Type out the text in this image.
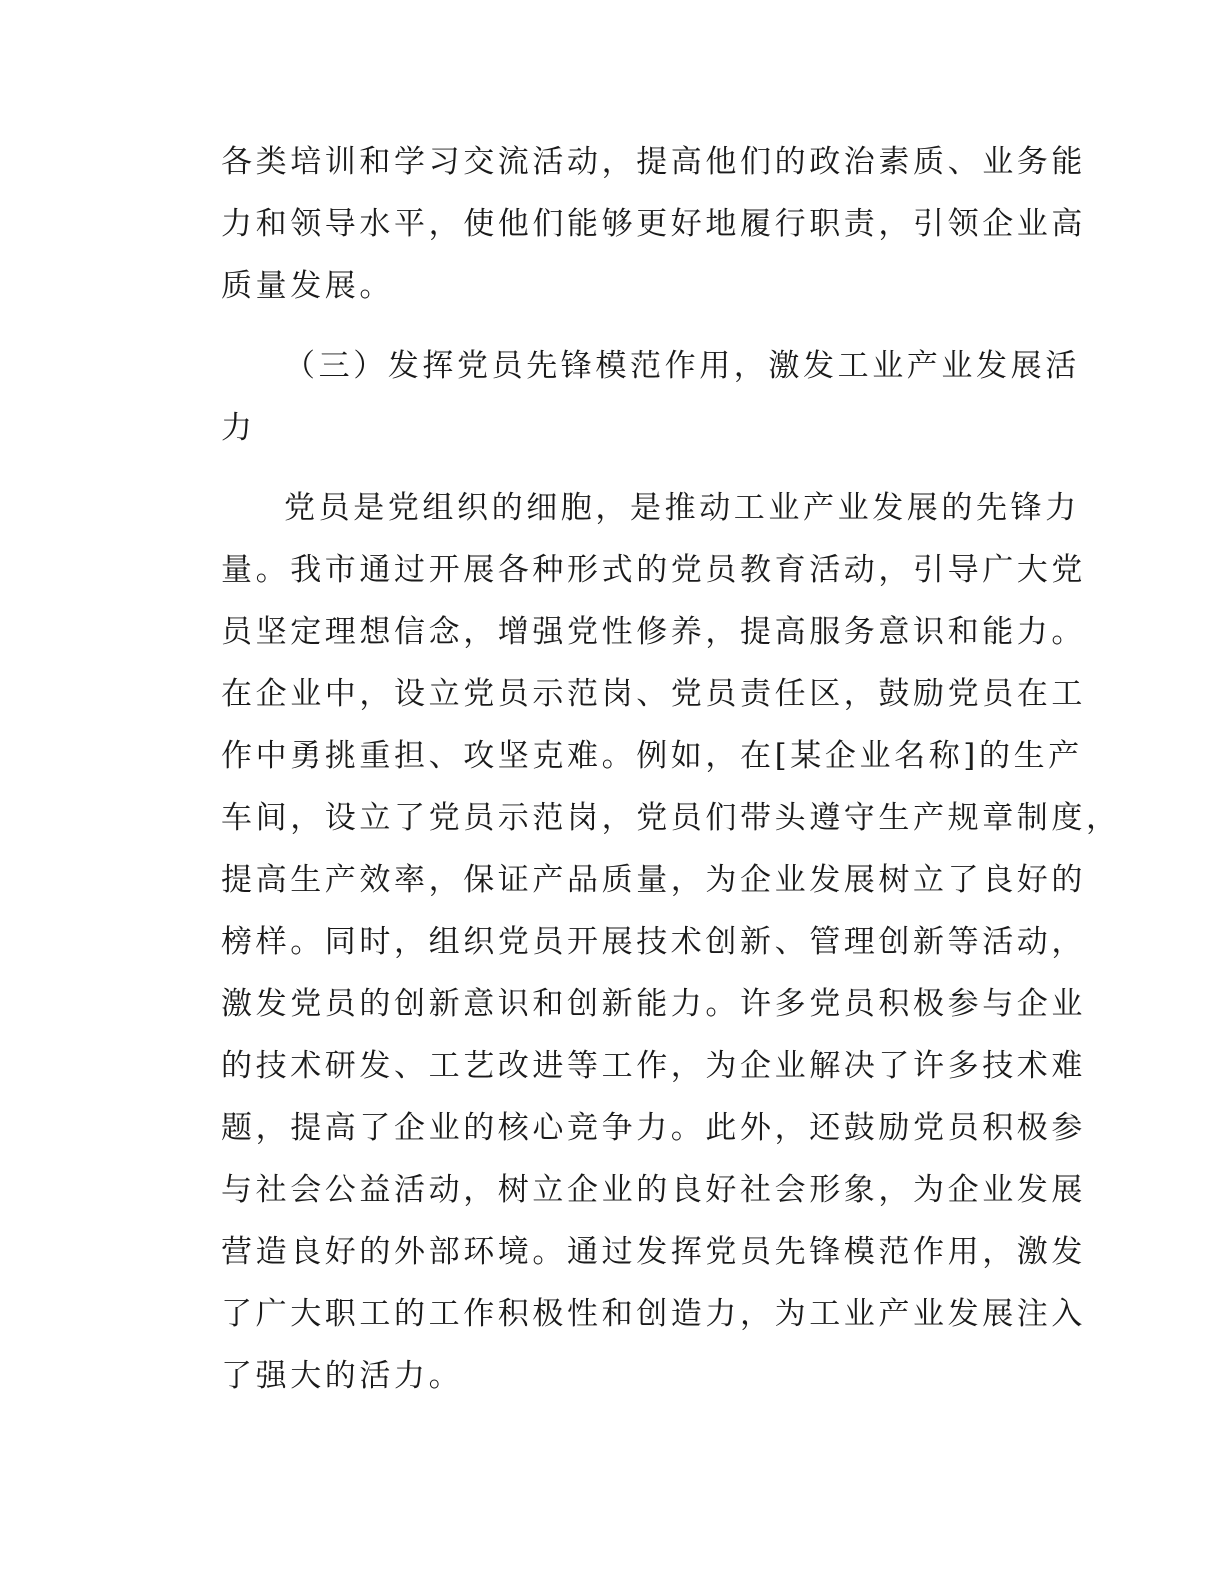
各类培训和学习交流活动，提高他们的政治素质、业务能

力和领导水平，使他们能够更好地履行职责，引领企业高

质量发展。

（三）发挥党员先锋模范作用，激发工业产业发展活

力

党员是党组织的细胞，是推动工业产业发展的先锋力

量。我市通过开展各种形式的党员教育活动，引导广大党

员坚定理想信念，增强党性修养，提高服务意识和能力。

在企业中，设立党员示范岗、党员责任区，鼓励党员在工

作中勇挑重担、攻坚克难。例如，在[某企业名称]的生产

车间，设立了党员示范岗，党员们带头遵守生产规章制度，

提高生产效率，保证产品质量，为企业发展树立了良好的

榜样。同时，组织党员开展技术创新、管理创新等活动，

激发党员的创新意识和创新能力。许多党员积极参与企业

的技术研发、工艺改进等工作，为企业解决了许多技术难

题，提高了企业的核心竞争力。此外，还鼓励党员积极参

与社会公益活动，树立企业的良好社会形象，为企业发展

营造良好的外部环境。通过发挥党员先锋模范作用，激发

了广大职工的工作积极性和创造力，为工业产业发展注入

了强大的活力。
